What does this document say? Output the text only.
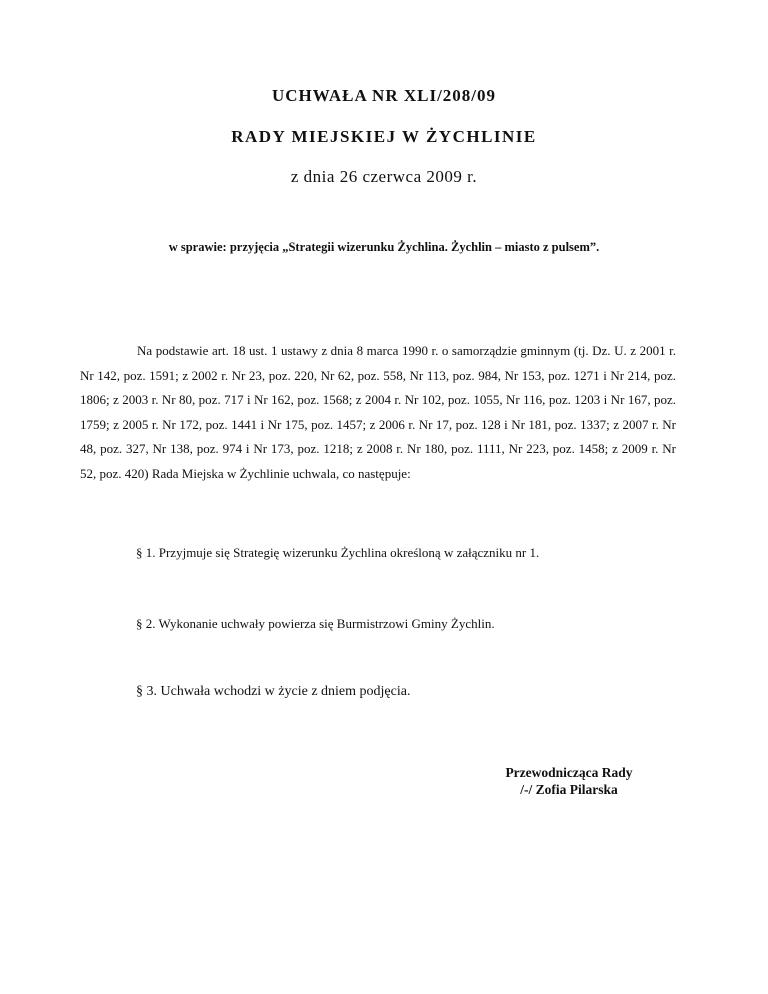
UCHWAŁA NR XLI/208/09
RADY MIEJSKIEJ W ŻYCHLINIE

z dnia 26 czerwca 2009 r.

w sprawie: przyjęcia „Strategii wizerunku Żychlina. Żychlin – miasto z pulsem”.

Na podstawie art. 18 ust. 1 ustawy z dnia 8 marca 1990 r. o samorządzie gminnym (tj. Dz. U. z 2001 r. Nr 142, poz. 1591; z 2002 r. Nr 23, poz. 220, Nr 62, poz. 558, Nr 113, poz. 984, Nr 153, poz. 1271 i Nr 214, poz. 1806; z 2003 r. Nr 80, poz. 717 i Nr 162, poz. 1568; z 2004 r. Nr 102, poz. 1055, Nr 116, poz. 1203 i Nr 167, poz. 1759; z 2005 r. Nr 172, poz. 1441 i Nr 175, poz. 1457; z 2006 r. Nr 17, poz. 128 i Nr 181, poz. 1337; z 2007 r. Nr 48, poz. 327, Nr 138, poz. 974 i Nr 173, poz. 1218; z 2008 r. Nr 180, poz. 1111, Nr 223, poz. 1458; z 2009 r. Nr 52, poz. 420) Rada Miejska w Żychlinie uchwala, co następuje:

§ 1. Przyjmuje się Strategię wizerunku Żychlina określoną w załączniku nr 1.

§ 2. Wykonanie uchwały powierza się Burmistrzowi Gminy Żychlin.

§ 3. Uchwała wchodzi w życie z dniem podjęcia.

Przewodnicząca Rady

/-/ Zofia Pilarska
